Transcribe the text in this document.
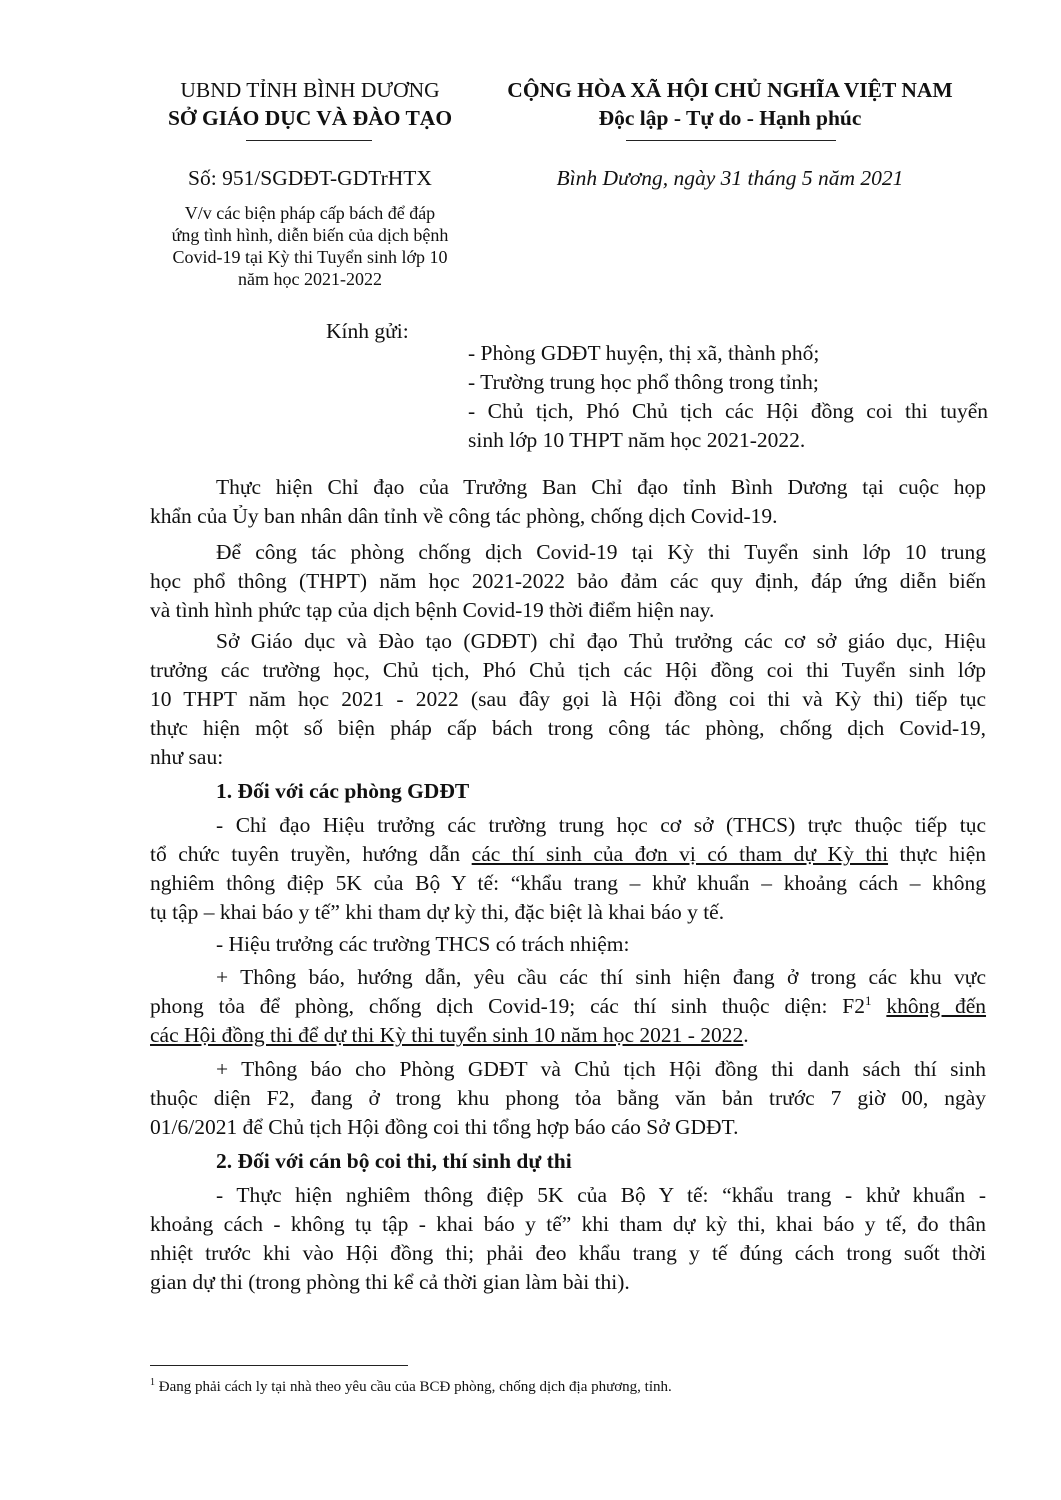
UBND TỈNH BÌNH DƯƠNG
SỞ GIÁO DỤC VÀ ĐÀO TẠO
CỘNG HÒA XÃ HỘI CHỦ NGHĨA VIỆT NAM
Độc lập - Tự do - Hạnh phúc
Số: 951/SGDĐT-GDTrHTX	Bình Dương, ngày 31 tháng 5 năm 2021
V/v các biện pháp cấp bách để đáp
ứng tình hình, diễn biến của dịch bệnh
Covid-19 tại Kỳ thi Tuyển sinh lớp 10
năm học 2021-2022
Kính gửi:
- Phòng GDĐT huyện, thị xã, thành phố;
- Trường trung học phổ thông trong tỉnh;
- Chủ tịch, Phó Chủ tịch các Hội đồng coi thi tuyển
sinh lớp 10 THPT năm học 2021-2022.
Thực hiện Chỉ đạo của Trưởng Ban Chỉ đạo tỉnh Bình Dương tại cuộc họp
khẩn của Ủy ban nhân dân tỉnh về công tác phòng, chống dịch Covid-19.
Để công tác phòng chống dịch Covid-19 tại Kỳ thi Tuyển sinh lớp 10 trung
học phổ thông (THPT) năm học 2021-2022 bảo đảm các quy định, đáp ứng diễn biến
và tình hình phức tạp của dịch bệnh Covid-19 thời điểm hiện nay.
Sở Giáo dục và Đào tạo (GDĐT) chỉ đạo Thủ trưởng các cơ sở giáo dục, Hiệu
trưởng các trường học, Chủ tịch, Phó Chủ tịch các Hội đồng coi thi Tuyển sinh lớp
10 THPT năm học 2021 - 2022 (sau đây gọi là Hội đồng coi thi và Kỳ thi) tiếp tục
thực hiện một số biện pháp cấp bách trong công tác phòng, chống dịch Covid-19,
như sau:
1. Đối với các phòng GDĐT
- Chỉ đạo Hiệu trưởng các trường trung học cơ sở (THCS) trực thuộc tiếp tục
tổ chức tuyên truyền, hướng dẫn các thí sinh của đơn vị có tham dự Kỳ thi thực hiện
nghiêm thông điệp 5K của Bộ Y tế: “khẩu trang – khử khuẩn – khoảng cách – không
tụ tập – khai báo y tế” khi tham dự kỳ thi, đặc biệt là khai báo y tế.
- Hiệu trưởng các trường THCS có trách nhiệm:
+ Thông báo, hướng dẫn, yêu cầu các thí sinh hiện đang ở trong các khu vực
phong tỏa để phòng, chống dịch Covid-19; các thí sinh thuộc diện: $F2^1$ không đến
các Hội đồng thi để dự thi Kỳ thi tuyển sinh 10 năm học 2021 - 2022.
+ Thông báo cho Phòng GDĐT và Chủ tịch Hội đồng thi danh sách thí sinh
thuộc diện F2, đang ở trong khu phong tỏa bằng văn bản trước 7 giờ 00, ngày
01/6/2021 để Chủ tịch Hội đồng coi thi tổng hợp báo cáo Sở GDĐT.
2. Đối với cán bộ coi thi, thí sinh dự thi
- Thực hiện nghiêm thông điệp 5K của Bộ Y tế: “khẩu trang - khử khuẩn -
khoảng cách - không tụ tập - khai báo y tế” khi tham dự kỳ thi, khai báo y tế, đo thân
nhiệt trước khi vào Hội đồng thi; phải đeo khẩu trang y tế đúng cách trong suốt thời
gian dự thi (trong phòng thi kể cả thời gian làm bài thi).
$^1$ Đang phải cách ly tại nhà theo yêu cầu của BCĐ phòng, chống dịch địa phương, tỉnh.
